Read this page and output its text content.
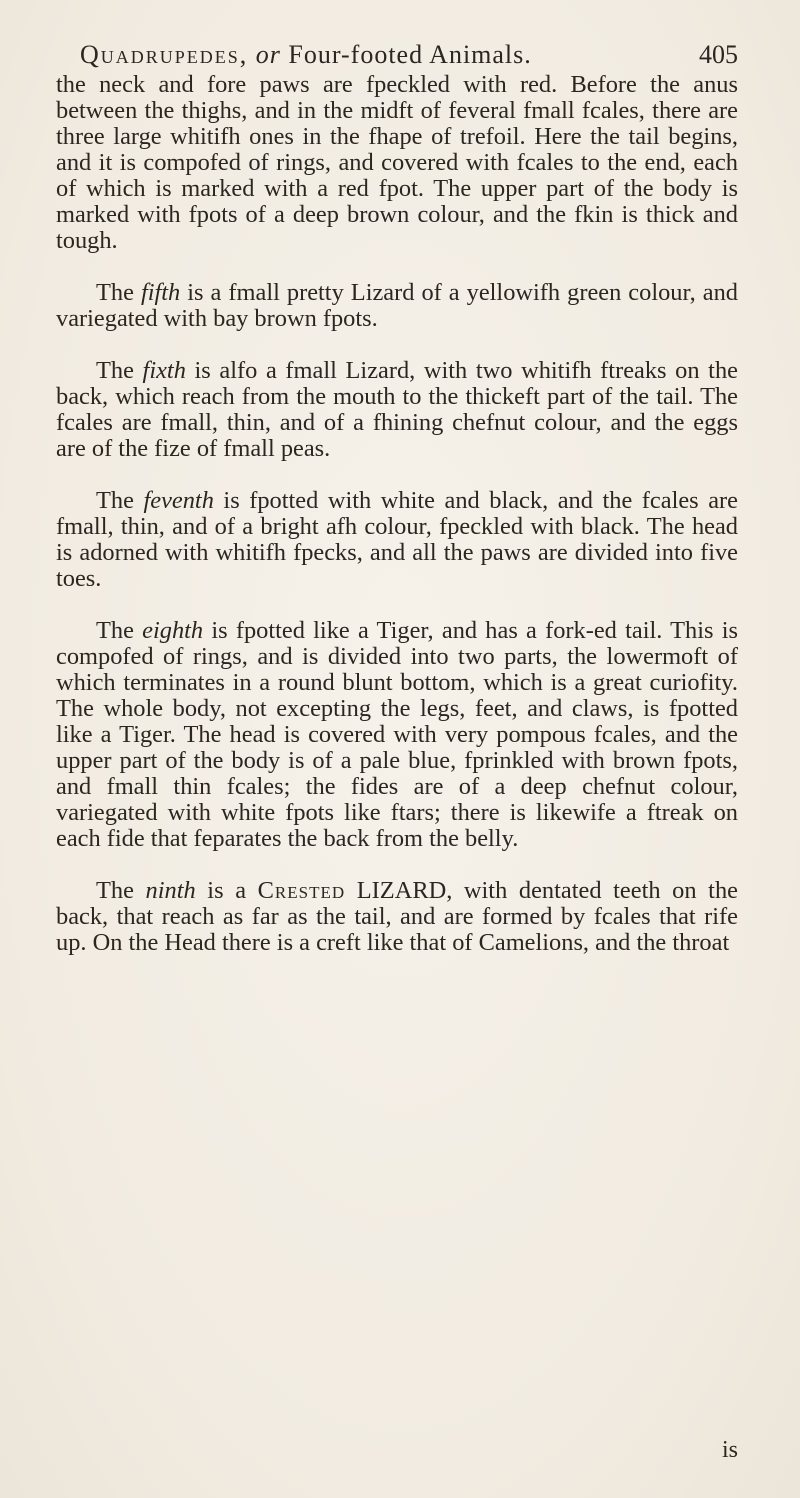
Quadrupedes, or Four-footed Animals.	405

the neck and fore paws are fpeckled with red. Before the anus between the thighs, and in the midft of feveral fmall fcales, there are three large whitifh ones in the fhape of trefoil. Here the tail begins, and it is compofed of rings, and covered with fcales to the end, each of which is marked with a red fpot. The upper part of the body is marked with fpots of a deep brown colour, and the fkin is thick and tough.

The fifth is a fmall pretty Lizard of a yellowifh green colour, and variegated with bay brown fpots.

The fixth is alfo a fmall Lizard, with two whitifh ftreaks on the back, which reach from the mouth to the thickeft part of the tail. The fcales are fmall, thin, and of a fhining chefnut colour, and the eggs are of the fize of fmall peas.

The feventh is fpotted with white and black, and the fcales are fmall, thin, and of a bright afh colour, fpeckled with black. The head is adorned with whitifh fpecks, and all the paws are divided into five toes.

The eighth is fpotted like a Tiger, and has a fork-ed tail. This is compofed of rings, and is divided into two parts, the lowermoft of which terminates in a round blunt bottom, which is a great curiofity. The whole body, not excepting the legs, feet, and claws, is fpotted like a Tiger. The head is covered with very pompous fcales, and the upper part of the body is of a pale blue, fprinkled with brown fpots, and fmall thin fcales; the fides are of a deep chefnut colour, variegated with white fpots like ftars; there is likewife a ftreak on each fide that feparates the back from the belly.

The ninth is a Crested LIZARD, with dentated teeth on the back, that reach as far as the tail, and are formed by fcales that rife up. On the Head there is a creft like that of Camelions, and the throat

is
